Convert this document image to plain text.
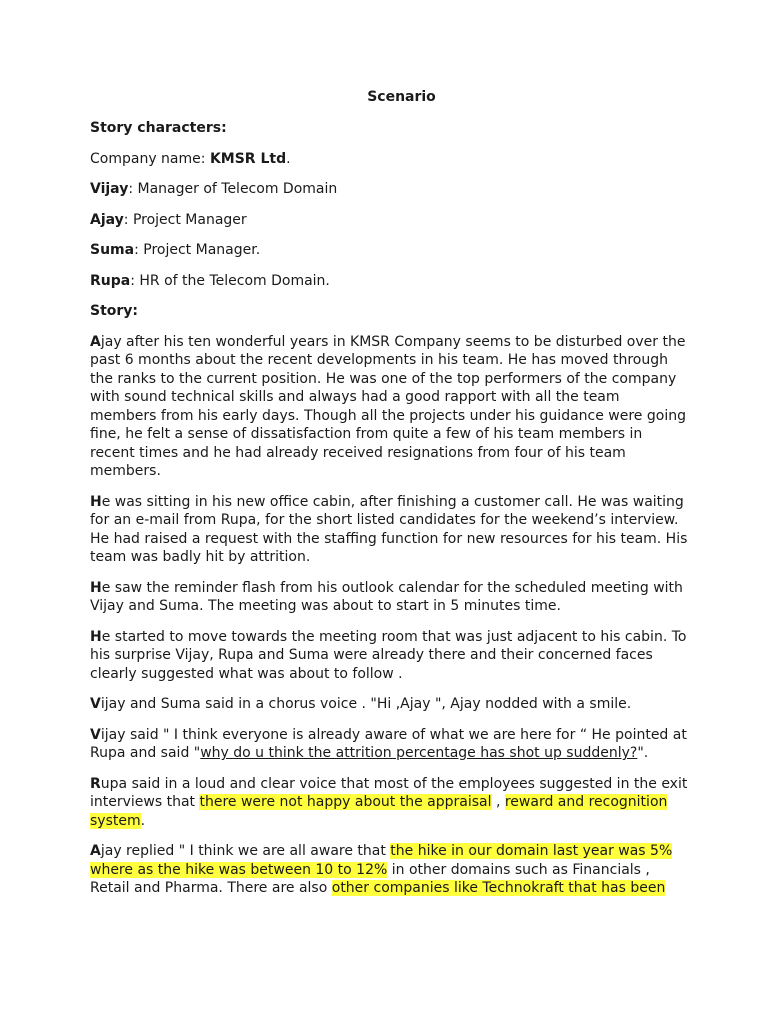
Scenario

Story characters:

Company name: KMSR Ltd.

Vijay: Manager of Telecom Domain

Ajay: Project Manager

Suma: Project Manager.

Rupa: HR of the Telecom Domain.

Story:

Ajay after his ten wonderful years in KMSR Company seems to be disturbed over the past 6 months about the recent developments in his team. He has moved through the ranks to the current position. He was one of the top performers of the company with sound technical skills and always had a good rapport with all the team members from his early days. Though all the projects under his guidance were going fine, he felt a sense of dissatisfaction from quite a few of his team members in recent times and he had already received resignations from four of his team members.

He was sitting in his new office cabin, after finishing a customer call. He was waiting for an e-mail from Rupa, for the short listed candidates for the weekend’s interview. He had raised a request with the staffing function for new resources for his team. His team was badly hit by attrition.

He saw the reminder flash from his outlook calendar for the scheduled meeting with Vijay and Suma. The meeting was about to start in 5 minutes time.

He started to move towards the meeting room that was just adjacent to his cabin. To his surprise Vijay, Rupa and Suma were already there and their concerned faces clearly suggested what was about to follow .

Vijay and Suma said in a chorus voice . "Hi ,Ajay ", Ajay nodded with a smile.

Vijay said " I think everyone is already aware of what we are here for “ He pointed at Rupa and said "why do u think the attrition percentage has shot up suddenly?".

Rupa said in a loud and clear voice that most of the employees suggested in the exit interviews that there were not happy about the appraisal , reward and recognition system.

Ajay replied " I think we are all aware that the hike in our domain last year was 5% where as the hike was between 10 to 12% in other domains such as Financials , Retail and Pharma. There are also other companies like Technokraft that has been
